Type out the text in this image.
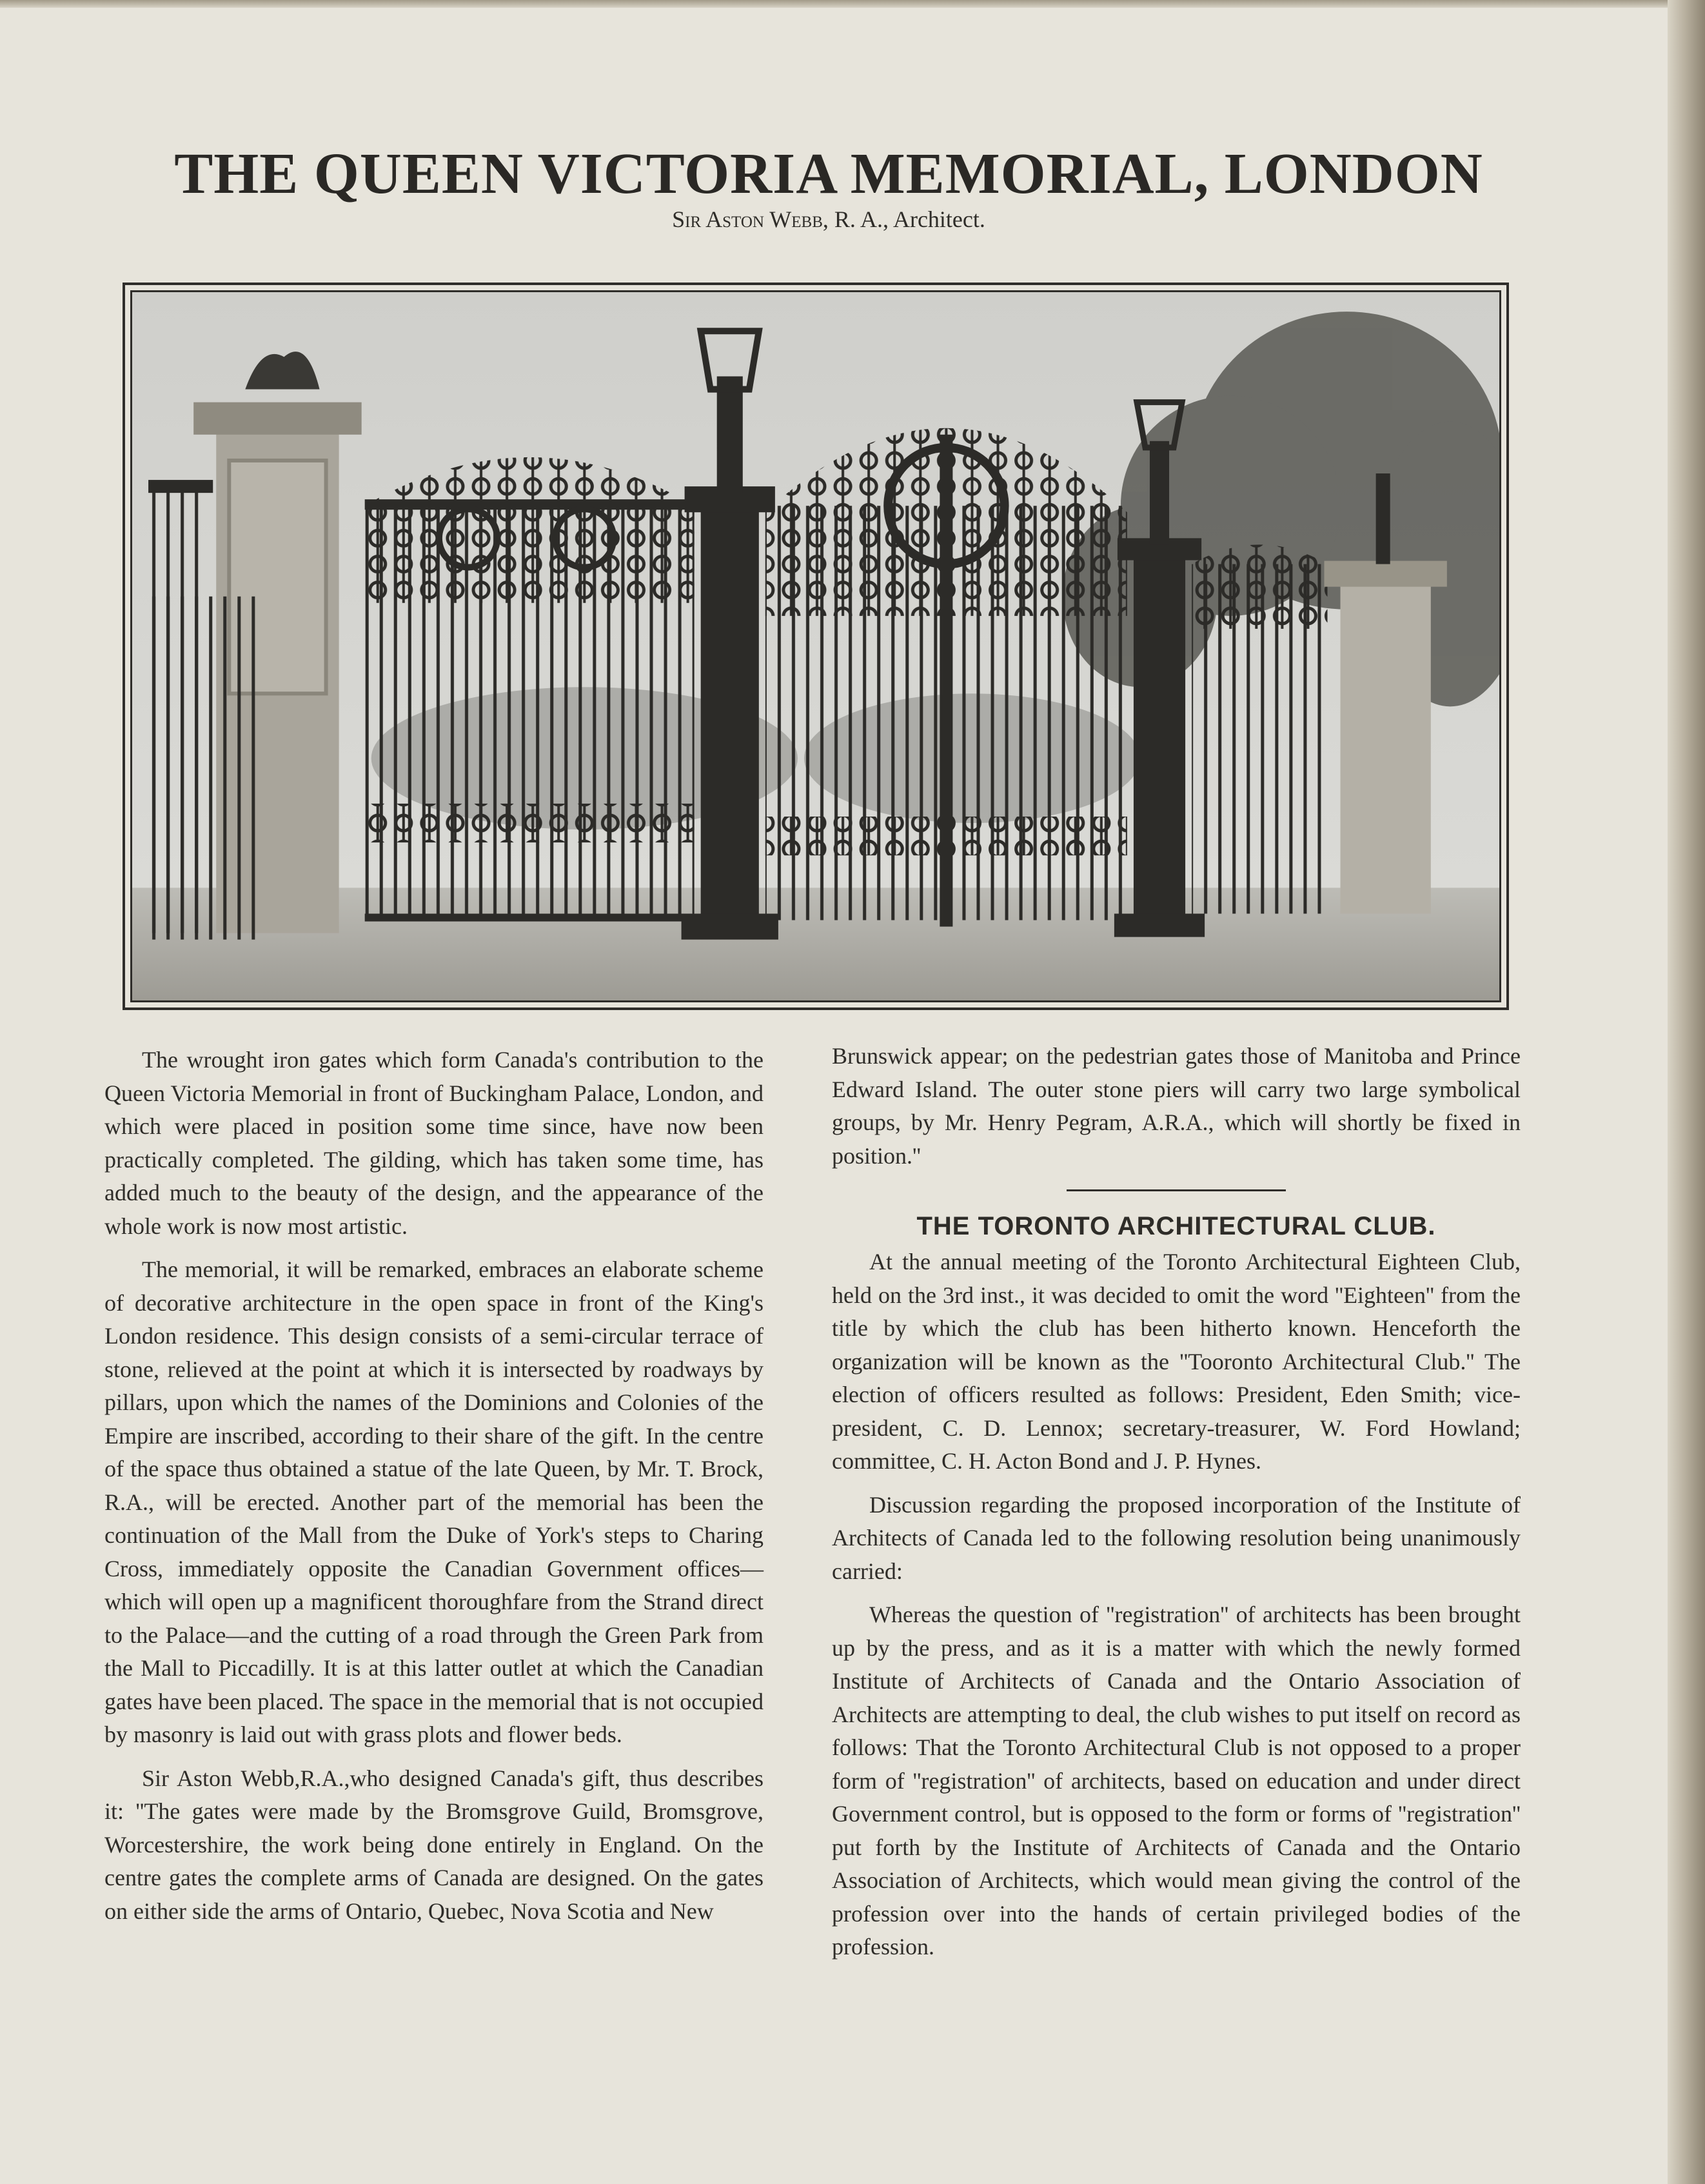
THE QUEEN VICTORIA MEMORIAL, LONDON
Sir Aston Webb, R. A., Architect.

The wrought iron gates which form Canada's contribution to the Queen Victoria Memorial in front of Buckingham Palace, London, and which were placed in position some time since, have now been practically completed. The gilding, which has taken some time, has added much to the beauty of the design, and the appearance of the whole work is now most artistic.

The memorial, it will be remarked, embraces an elaborate scheme of decorative architecture in the open space in front of the King's London residence. This design consists of a semi-circular terrace of stone, relieved at the point at which it is intersected by roadways by pillars, upon which the names of the Dominions and Colonies of the Empire are inscribed, according to their share of the gift. In the centre of the space thus obtained a statue of the late Queen, by Mr. T. Brock, R.A., will be erected. Another part of the memorial has been the continuation of the Mall from the Duke of York's steps to Charing Cross, immediately opposite the Canadian Government offices—which will open up a magnificent thoroughfare from the Strand direct to the Palace—and the cutting of a road through the Green Park from the Mall to Piccadilly. It is at this latter outlet at which the Canadian gates have been placed. The space in the memorial that is not occupied by masonry is laid out with grass plots and flower beds.

Sir Aston Webb,R.A.,who designed Canada's gift, thus describes it: ''The gates were made by the Bromsgrove Guild, Bromsgrove, Worcestershire, the work being done entirely in England. On the centre gates the complete arms of Canada are designed. On the gates on either side the arms of Ontario, Quebec, Nova Scotia and New

Brunswick appear; on the pedestrian gates those of Manitoba and Prince Edward Island. The outer stone piers will carry two large symbolical groups, by Mr. Henry Pegram, A.R.A., which will shortly be fixed in position.''

THE TORONTO ARCHITECTURAL CLUB.

At the annual meeting of the Toronto Architectural Eighteen Club, held on the 3rd inst., it was decided to omit the word ''Eighteen'' from the title by which the club has been hitherto known. Henceforth the organization will be known as the ''Tooronto Architectural Club.'' The election of officers resulted as follows: President, Eden Smith; vice-president, C. D. Lennox; secretary-treasurer, W. Ford Howland; committee, C. H. Acton Bond and J. P. Hynes.

Discussion regarding the proposed incorporation of the Institute of Architects of Canada led to the following resolution being unanimously carried:

Whereas the question of ''registration'' of architects has been brought up by the press, and as it is a matter with which the newly formed Institute of Architects of Canada and the Ontario Association of Architects are attempting to deal, the club wishes to put itself on record as follows: That the Toronto Architectural Club is not opposed to a proper form of ''registration'' of architects, based on education and under direct Government control, but is opposed to the form or forms of ''registration'' put forth by the Institute of Architects of Canada and the Ontario Association of Architects, which would mean giving the control of the profession over into the hands of certain privileged bodies of the profession.
